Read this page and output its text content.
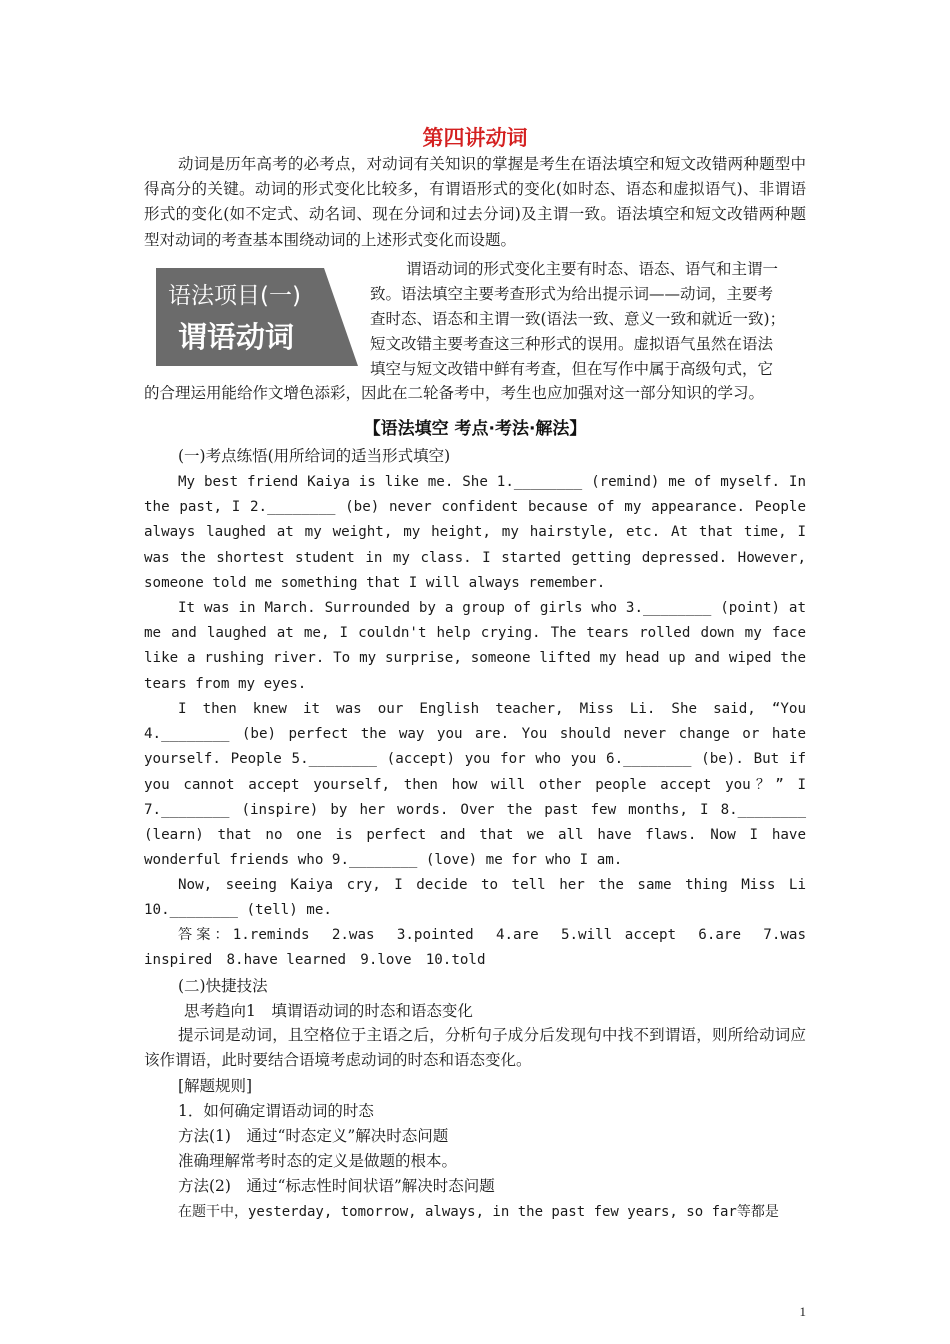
第四讲动词

动词是历年高考的必考点，对动词有关知识的掌握是考生在语法填空和短文改错两种题型中得高分的关键。动词的形式变化比较多，有谓语形式的变化(如时态、语态和虚拟语气)、非谓语形式的变化(如不定式、动名词、现在分词和过去分词)及主谓一致。语法填空和短文改错两种题型对动词的考查基本围绕动词的上述形式变化而设题。

语法项目(一)
谓语动词

谓语动词的形式变化主要有时态、语态、语气和主谓一

致。语法填空主要考查形式为给出提示词——动词，主要考

查时态、语态和主谓一致(语法一致、意义一致和就近一致)；

短文改错主要考查这三种形式的误用。虚拟语气虽然在语法

填空与短文改错中鲜有考查，但在写作中属于高级句式，它

的合理运用能给作文增色添彩，因此在二轮备考中，考生也应加强对这一部分知识的学习。

【语法填空 考点·考法·解法】

(一)考点练悟(用所给词的适当形式填空)

My best friend Kaiya is like me. She 1.________ (remind) me of myself. In the past, I 2.________ (be) never confident because of my appearance. People always laughed at my weight, my height, my hairstyle, etc. At that time, I was the shortest student in my class. I started getting depressed. However, someone told me something that I will always remember.

It was in March. Surrounded by a group of girls who 3.________ (point) at me and laughed at me, I couldn't help crying. The tears rolled down my face like a rushing river. To my surprise, someone lifted my head up and wiped the tears from my eyes.

I then knew it was our English teacher, Miss Li. She said, “You 4.________ (be) perfect the way you are. You should never change or hate yourself. People 5.________ (accept) you for who you 6.________ (be). But if you cannot accept yourself, then how will other people accept you？” I 7.________ (inspire) by her words. Over the past few months, I 8.________ (learn) that no one is perfect and that we all have flaws. Now I have wonderful friends who 9.________ (love) me for who I am.

Now, seeing Kaiya cry, I decide to tell her the same thing Miss Li 10.________ (tell) me.

答案：1.reminds　2.was　3.pointed　4.are　5.will accept　6.are　7.was inspired　8.have learned　9.love　10.told

(二)快捷技法

思考趋向1　填谓语动词的时态和语态变化

提示词是动词，且空格位于主语之后，分析句子成分后发现句中找不到谓语，则所给动词应该作谓语，此时要结合语境考虑动词的时态和语态变化。

[解题规则]

1．如何确定谓语动词的时态

方法(1)　通过“时态定义”解决时态问题

准确理解常考时态的定义是做题的根本。

方法(2)　通过“标志性时间状语”解决时态问题

在题干中，yesterday, tomorrow, always, in the past few years, so far等都是

1
